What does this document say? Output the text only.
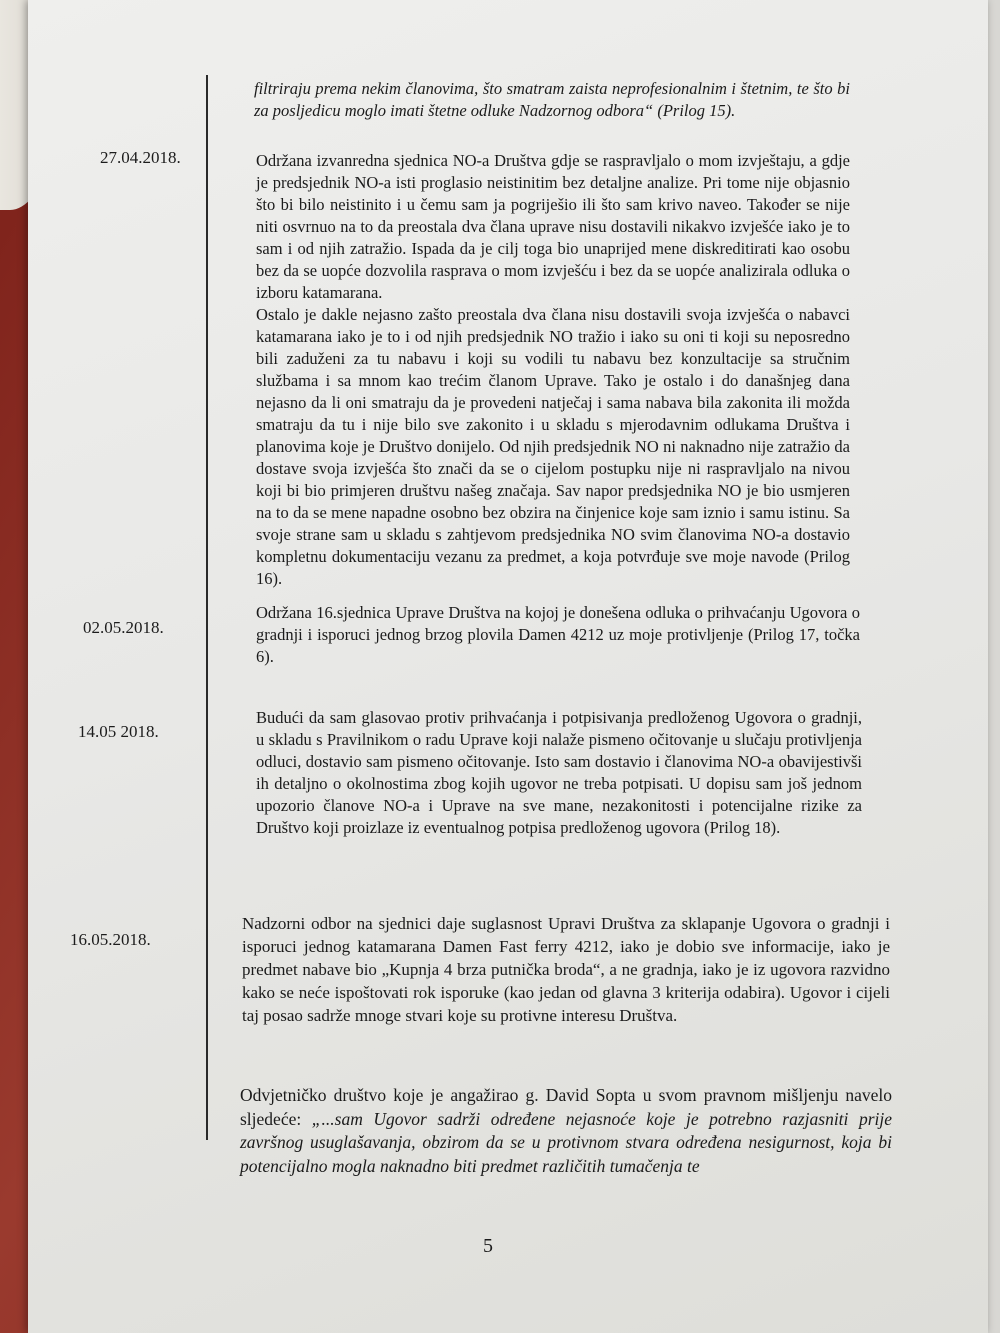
filtriraju prema nekim članovima, što smatram zaista neprofesionalnim i štetnim, te što bi za posljedicu moglo imati štetne odluke Nadzornog odbora“ (Prilog 15).

27.04.2018.	Održana izvanredna sjednica NO-a Društva gdje se raspravljalo o mom izvještaju, a gdje je predsjednik NO-a isti proglasio neistinitim bez detaljne analize. Pri tome nije objasnio što bi bilo neistinito i u čemu sam ja pogriješio ili što sam krivo naveo. Također se nije niti osvrnuo na to da preostala dva člana uprave nisu dostavili nikakvo izvješće iako je to sam i od njih zatražio. Ispada da je cilj toga bio unaprijed mene diskreditirati kao osobu bez da se uopće dozvolila rasprava o mom izvješću i bez da se uopće analizirala odluka o izboru katamarana.

Ostalo je dakle nejasno zašto preostala dva člana nisu dostavili svoja izvješća o nabavci katamarana iako je to i od njih predsjednik NO tražio i iako su oni ti koji su neposredno bili zaduženi za tu nabavu i koji su vodili tu nabavu bez konzultacije sa stručnim službama i sa mnom kao trećim članom Uprave. Tako je ostalo i do današnjeg dana nejasno da li oni smatraju da je provedeni natječaj i sama nabava bila zakonita ili možda smatraju da tu i nije bilo sve zakonito i u skladu s mjerodavnim odlukama Društva i planovima koje je Društvo donijelo. Od njih predsjednik NO ni naknadno nije zatražio da dostave svoja izvješća što znači da se o cijelom postupku nije ni raspravljalo na nivou koji bi bio primjeren društvu našeg značaja. Sav napor predsjednika NO je bio usmjeren na to da se mene napadne osobno bez obzira na činjenice koje sam iznio i samu istinu. Sa svoje strane sam u skladu s zahtjevom predsjednika NO svim članovima NO-a dostavio kompletnu dokumentaciju vezanu za predmet, a koja potvrđuje sve moje navode (Prilog 16).

02.05.2018.

Održana 16.sjednica Uprave Društva na kojoj je donešena odluka o prihvaćanju Ugovora o gradnji i isporuci jednog brzog plovila Damen 4212 uz moje protivljenje (Prilog 17, točka 6).

14.05 2018.

Budući da sam glasovao protiv prihvaćanja i potpisivanja predloženog Ugovora o gradnji, u skladu s Pravilnikom o radu Uprave koji nalaže pismeno očitovanje u slučaju protivljenja odluci, dostavio sam pismeno očitovanje. Isto sam dostavio i članovima NO-a obavijestivši ih detaljno o okolnostima zbog kojih ugovor ne treba potpisati. U dopisu sam još jednom upozorio članove NO-a i Uprave na sve mane, nezakonitosti i potencijalne rizike za Društvo koji proizlaze iz eventualnog potpisa predloženog ugovora (Prilog 18).

16.05.2018.

Nadzorni odbor na sjednici daje suglasnost Upravi Društva za sklapanje Ugovora o gradnji i isporuci jednog katamarana Damen Fast ferry 4212, iako je dobio sve informacije, iako je predmet nabave bio „Kupnja 4 brza putnička broda“, a ne gradnja, iako je iz ugovora razvidno kako se neće ispoštovati rok isporuke (kao jedan od glavna 3 kriterija odabira). Ugovor i cijeli taj posao sadrže mnoge stvari koje su protivne interesu Društva.

Odvjetničko društvo koje je angažirao g. David Sopta u svom pravnom mišljenju navelo sljedeće: „...sam Ugovor sadrži određene nejasnoće koje je potrebno razjasniti prije završnog usuglašavanja, obzirom da se u protivnom stvara određena nesigurnost, koja bi potencijalno mogla naknadno biti predmet različitih tumačenja te

5
